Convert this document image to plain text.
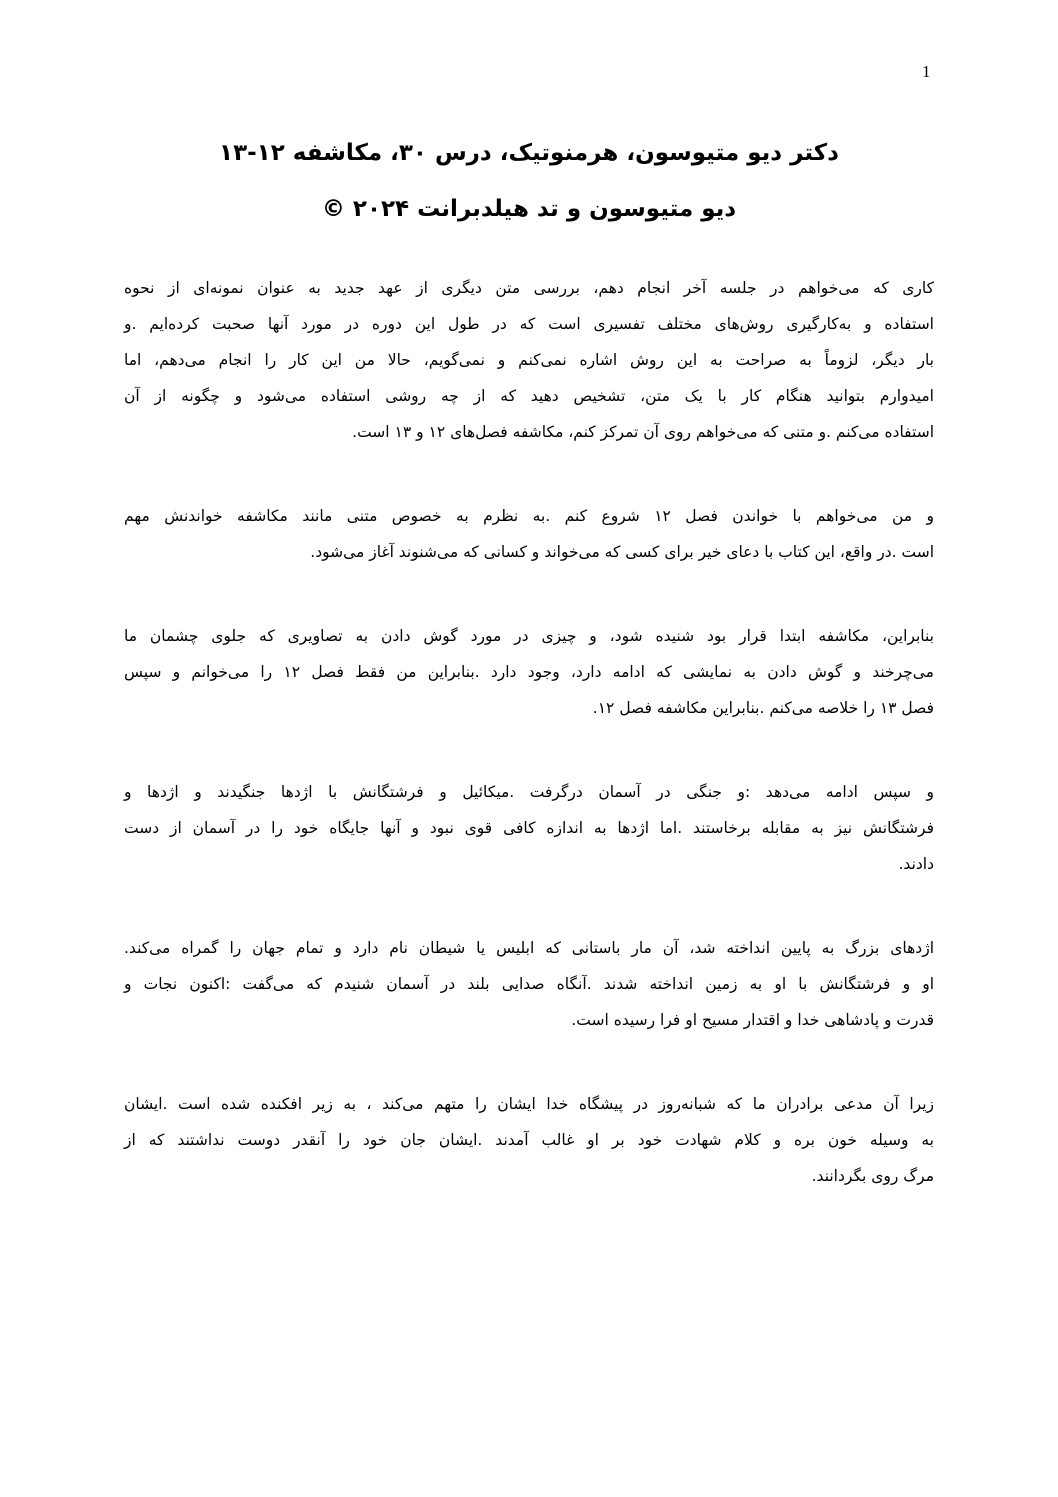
1
دکتر دیو متیوسون، هرمنوتیک، درس ۳۰، مکاشفه ۱۲-۱۳
دیو متیوسون و تد هیلدبرانت ۲۰۲۴ ©
کاری که می‌خواهم در جلسه آخر انجام دهم، بررسی متن دیگری از عهد جدید به عنوان نمونه‌ای از نحوه
استفاده و به‌کارگیری روش‌های مختلف تفسیری است که در طول این دوره در مورد آنها صحبت کرده‌ایم .و
بار دیگر، لزوماً به صراحت به این روش اشاره نمی‌کنم و نمی‌گویم، حالا من این کار را انجام می‌دهم، اما
امیدوارم بتوانید هنگام کار با یک متن، تشخیص دهید که از چه روشی استفاده می‌شود و چگونه از آن
استفاده می‌کنم .و متنی که می‌خواهم روی آن تمرکز کنم، مکاشفه فصل‌های ۱۲ و ۱۳ است.
و من می‌خواهم با خواندن فصل ۱۲ شروع کنم .به نظرم به خصوص متنی مانند مکاشفه خواندنش مهم
است .در واقع، این کتاب با دعای خیر برای کسی که می‌خواند و کسانی که می‌شنوند آغاز می‌شود.
بنابراین، مکاشفه ابتدا قرار بود شنیده شود، و چیزی در مورد گوش دادن به تصاویری که جلوی چشمان ما
می‌چرخند و گوش دادن به نمایشی که ادامه دارد، وجود دارد .بنابراین من فقط فصل ۱۲ را می‌خوانم و سپس
فصل ۱۳ را خلاصه می‌کنم .بنابراین مکاشفه فصل ۱۲.
و سپس ادامه می‌دهد :و جنگی در آسمان درگرفت .میکائیل و فرشتگانش با اژدها جنگیدند و اژدها و
فرشتگانش نیز به مقابله برخاستند .اما اژدها به اندازه کافی قوی نبود و آنها جایگاه خود را در آسمان از دست
دادند.
اژدهای بزرگ به پایین انداخته شد، آن مار باستانی که ابلیس یا شیطان نام دارد و تمام جهان را گمراه می‌کند.
او و فرشتگانش با او به زمین انداخته شدند .آنگاه صدایی بلند در آسمان شنیدم که می‌گفت :اکنون نجات و
قدرت و پادشاهی خدا و اقتدار مسیح او فرا رسیده است.
زیرا آن مدعی برادران ما که شبانه‌روز در پیشگاه خدا ایشان را متهم می‌کند ، به زیر افکنده شده است .ایشان
به وسیله خون بره و کلام شهادت خود بر او غالب آمدند .ایشان جان خود را آنقدر دوست نداشتند که از
مرگ روی بگردانند.
